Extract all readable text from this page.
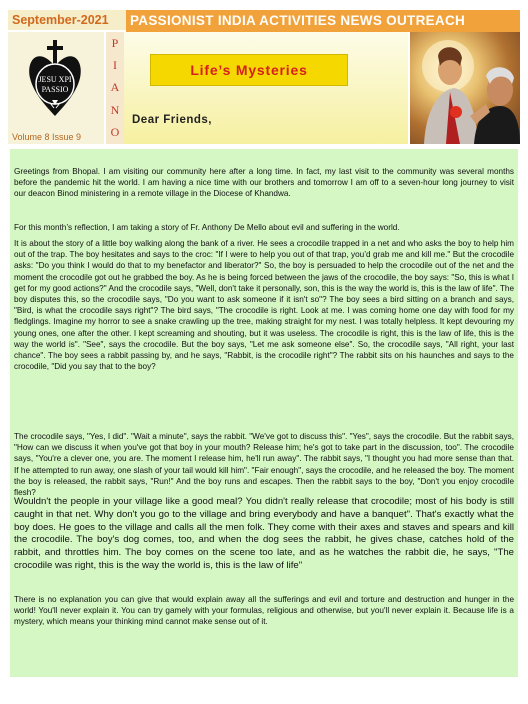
September-2021	PASSIONIST INDIA ACTIVITIES NEWS OUTREACH
JESU XPI
PASSIO
Volume 8 Issue 9
P
I
A
N
O
Life’s Mysteries
Dear Friends,

Greetings from Bhopal. I am visiting our community here after a long time. In fact, my last visit to the community was several months before the pandemic hit the world. I am having a nice time with our brothers and tomorrow I am off to a seven-hour long journey to visit our deacon Binod ministering in a remote village in the Diocese of Khandwa.

For this month’s reflection, I am taking a story of Fr. Anthony De Mello about evil and suffering in the world.

It is about the story of a little boy walking along the bank of a river. He sees a crocodile trapped in a net and who asks the boy to help him out of the trap. The boy hesitates and says to the croc: "If I were to help you out of that trap, you’d grab me and kill me." But the crocodile asks: "Do you think I would do that to my benefactor and liberator?" So, the boy is persuaded to help the crocodile out of the net and the moment the crocodile got out he grabbed the boy. As he is being forced between the jaws of the crocodile, the boy says: "So, this is what I get for my good actions?" And the crocodile says, "Well, don't take it personally, son, this is the way the world is, this is the law of life". The boy disputes this, so the crocodile says, "Do you want to ask someone if it isn't so"? The boy sees a bird sitting on a branch and says, "Bird, is what the crocodile says right"? The bird says, "The crocodile is right. Look at me. I was coming home one day with food for my fledglings. Imagine my horror to see a snake crawling up the tree, making straight for my nest. I was totally helpless. It kept devouring my young ones, one after the other. I kept screaming and shouting, but it was useless. The crocodile is right, this is the law of life, this is the way the world is". "See", says the crocodile. But the boy says, "Let me ask someone else". So, the crocodile says, "All right, your last chance". The boy sees a rabbit passing by, and he says, "Rabbit, is the crocodile right"? The rabbit sits on his haunches and says to the crocodile, "Did you say that to the boy?

The crocodile says, "Yes, I did". "Wait a minute", says the rabbit. "We've got to discuss this". "Yes", says the crocodile. But the rabbit says, "How can we discuss it when you've got that boy in your mouth? Release him; he's got to take part in the discussion, too". The crocodile says, "You're a clever one, you are. The moment I release him, he'll run away". The rabbit says, "I thought you had more sense than that. If he attempted to run away, one slash of your tail would kill him". "Fair enough", says the crocodile, and he released the boy. The moment the boy is released, the rabbit says, "Run!" And the boy runs and escapes. Then the rabbit says to the boy, "Don't you enjoy crocodile flesh?

Wouldn't the people in your village like a good meal? You didn't really release that crocodile; most of his body is still caught in that net. Why don't you go to the village and bring everybody and have a banquet". That's exactly what the boy does. He goes to the village and calls all the men folk. They come with their axes and staves and spears and kill the crocodile. The boy's dog comes, too, and when the dog sees the rabbit, he gives chase, catches hold of the rabbit, and throttles him. The boy comes on the scene too late, and as he watches the rabbit die, he says, "The crocodile was right, this is the way the world is, this is the law of life"

There is no explanation you can give that would explain away all the sufferings and evil and torture and destruction and hunger in the world! You'll never explain it. You can try gamely with your formulas, religious and otherwise, but you'll never explain it. Because life is a mystery, which means your thinking mind cannot make sense out of it.
